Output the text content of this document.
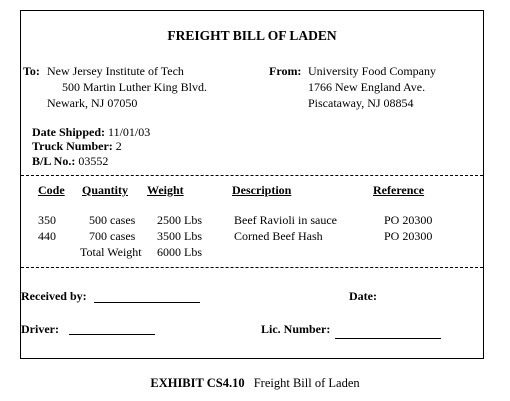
FREIGHT BILL OF LADEN
To: New Jersey Institute of Tech
500 Martin Luther King Blvd.
Newark, NJ 07050
From: University Food Company
1766 New England Ave.
Piscataway, NJ 08854
Date Shipped: 11/01/03
Truck Number: 2
B/L No.: 03552
Code Quantity Weight	Description	Reference
350	500 cases 2500 Lbs	Beef Ravioli in sauce	PO 20300
440	700 cases 3500 Lbs	Corned Beef Hash	PO 20300
Total Weight 6000 Lbs
Received by:	Date:
Driver:	Lic. Number:
EXHIBIT CS4.10 Freight Bill of Laden
